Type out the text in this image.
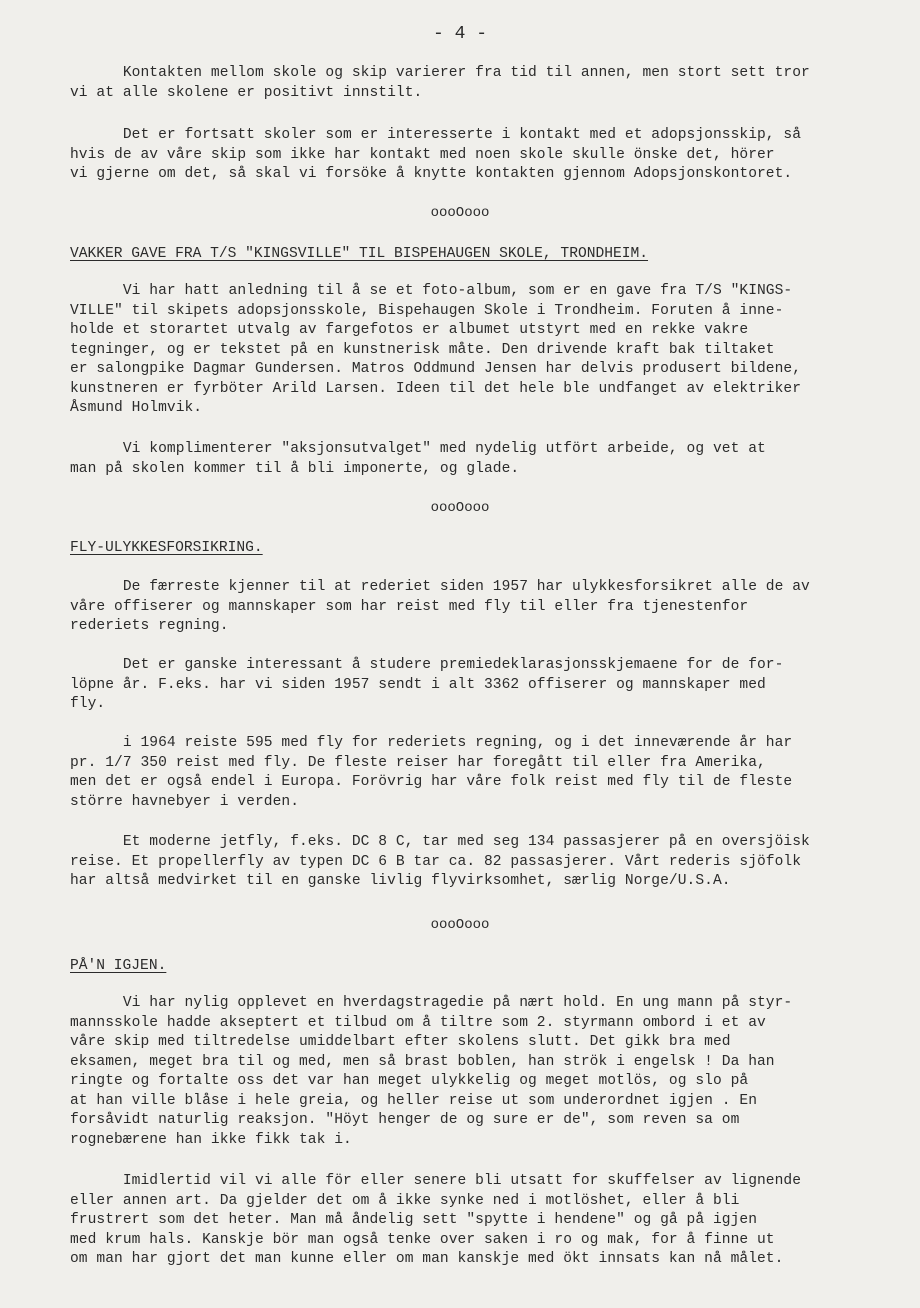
- 4 -
Kontakten mellom skole og skip varierer fra tid til annen, men stort sett tror
vi at alle skolene er positivt innstilt.
Det er fortsatt skoler som er interesserte i kontakt med et adopsjonsskip, så
hvis de av våre skip som ikke har kontakt med noen skole skulle önske det, hörer
vi gjerne om det, så skal vi forsöke å knytte kontakten gjennom Adopsjonskontoret.
oooOooo
VAKKER GAVE FRA T/S "KINGSVILLE" TIL BISPEHAUGEN SKOLE, TRONDHEIM.
Vi har hatt anledning til å se et foto-album, som er en gave fra T/S "KINGS-
VILLE" til skipets adopsjonsskole, Bispehaugen Skole i Trondheim. Foruten å inne-
holde et storartet utvalg av fargefotos er albumet utstyrt med en rekke vakre
tegninger, og er tekstet på en kunstnerisk måte. Den drivende kraft bak tiltaket
er salongpike Dagmar Gundersen. Matros Oddmund Jensen har delvis produsert bildene,
kunstneren er fyrböter Arild Larsen. Ideen til det hele ble undfanget av elektriker
Åsmund Holmvik.
Vi komplimenterer "aksjonsutvalget" med nydelig utfört arbeide, og vet at
man på skolen kommer til å bli imponerte, og glade.
oooOooo
FLY-ULYKKESFORSIKRING.
De færreste kjenner til at rederiet siden 1957 har ulykkesforsikret alle de av
våre offiserer og mannskaper som har reist med fly til eller fra tjenestenfor
rederiets regning.
Det er ganske interessant å studere premiedeklarasjonsskjemaene for de for-
löpne år. F.eks. har vi siden 1957 sendt i alt 3362 offiserer og mannskaper med
fly.
i 1964 reiste 595 med fly for rederiets regning, og i det inneværende år har
pr. 1/7 350 reist med fly. De fleste reiser har foregått til eller fra Amerika,
men det er også endel i Europa. Forövrig har våre folk reist med fly til de fleste
större havnebyer i verden.
Et moderne jetfly, f.eks. DC 8 C, tar med seg 134 passasjerer på en oversjöisk
reise. Et propellerfly av typen DC 6 B tar ca. 82 passasjerer. Vårt rederis sjöfolk
har altså medvirket til en ganske livlig flyvirksomhet, særlig Norge/U.S.A.
oooOooo
PÅ'N IGJEN.
Vi har nylig opplevet en hverdagstragedie på nært hold. En ung mann på styr-
mannsskole hadde akseptert et tilbud om å tiltre som 2. styrmann ombord i et av
våre skip med tiltredelse umiddelbart efter skolens slutt. Det gikk bra med
eksamen, meget bra til og med, men så brast boblen, han strök i engelsk ! Da han
ringte og fortalte oss det var han meget ulykkelig og meget motlös, og slo på
at han ville blåse i hele greia, og heller reise ut som underordnet igjen . En
forsåvidt naturlig reaksjon. "Höyt henger de og sure er de", som reven sa om
rognebærene han ikke fikk tak i.
Imidlertid vil vi alle för eller senere bli utsatt for skuffelser av lignende
eller annen art. Da gjelder det om å ikke synke ned i motlöshet, eller å bli
frustrert som det heter. Man må åndelig sett "spytte i hendene" og gå på igjen
med krum hals. Kanskje bör man også tenke over saken i ro og mak, for å finne ut
om man har gjort det man kunne eller om man kanskje med ökt innsats kan nå målet.
